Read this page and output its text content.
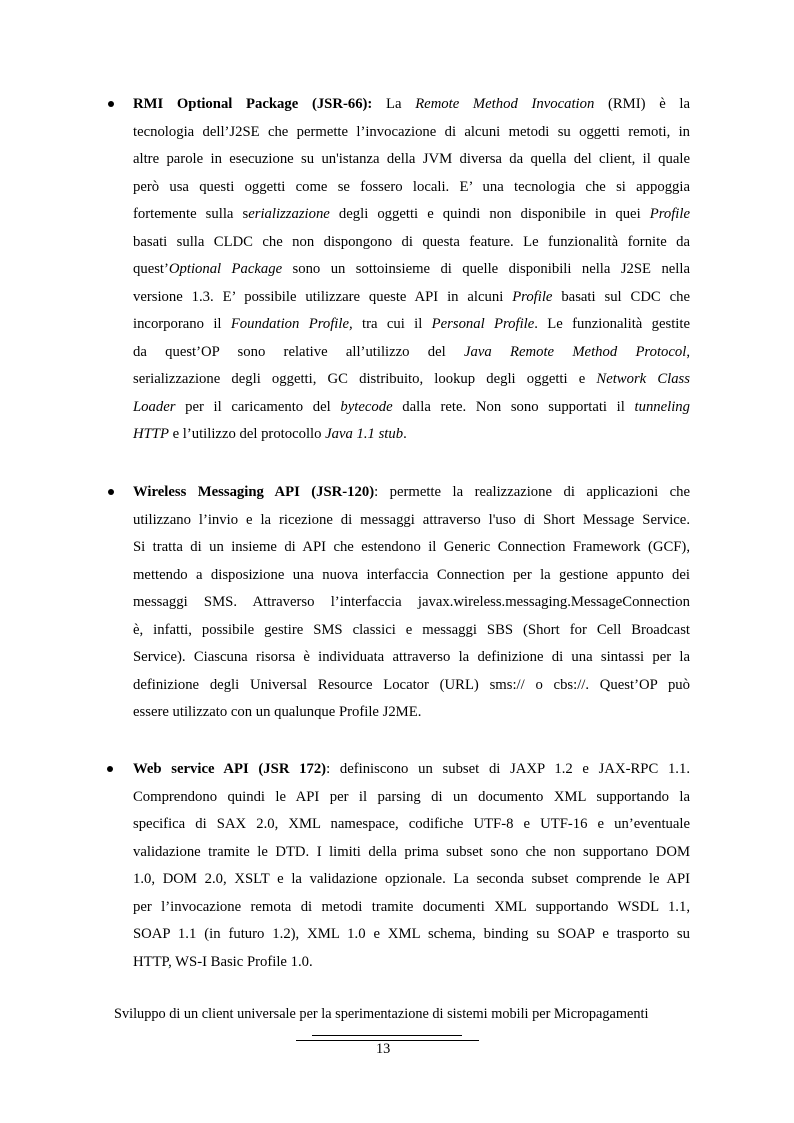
RMI Optional Package (JSR-66): La Remote Method Invocation (RMI) è la
tecnologia dell’J2SE che permette l’invocazione di alcuni metodi su oggetti remoti, in
altre parole in esecuzione su un'istanza della JVM diversa da quella del client, il quale
però usa questi oggetti come se fossero locali. E’ una tecnologia che si appoggia
fortemente sulla serializzazione degli oggetti e quindi non disponibile in quei Profile
basati sulla CLDC che non dispongono di questa feature. Le funzionalità fornite da
quest’Optional Package sono un sottoinsieme di quelle disponibili nella J2SE nella
versione 1.3. E’ possibile utilizzare queste API in alcuni Profile basati sul CDC che
incorporano il Foundation Profile, tra cui il Personal Profile. Le funzionalità gestite
da quest’OP sono relative all’utilizzo del Java Remote Method Protocol,
serializzazione degli oggetti, GC distribuito, lookup degli oggetti e Network Class
Loader per il caricamento del bytecode dalla rete. Non sono supportati il tunneling
HTTP e l’utilizzo del protocollo Java 1.1 stub.
Wireless Messaging API (JSR-120): permette la realizzazione di applicazioni che
utilizzano l’invio e la ricezione di messaggi attraverso l'uso di Short Message Service.
Si tratta di un insieme di API che estendono il Generic Connection Framework (GCF),
mettendo a disposizione una nuova interfaccia Connection per la gestione appunto dei
messaggi SMS. Attraverso l’interfaccia javax.wireless.messaging.MessageConnection
è, infatti, possibile gestire SMS classici e messaggi SBS (Short for Cell Broadcast
Service). Ciascuna risorsa è individuata attraverso la definizione di una sintassi per la
definizione degli Universal Resource Locator (URL) sms:// o cbs://. Quest’OP può
essere utilizzato con un qualunque Profile J2ME.
Web service API (JSR 172): definiscono un subset di JAXP 1.2 e JAX-RPC 1.1.
Comprendono quindi le API per il parsing di un documento XML supportando la
specifica di SAX 2.0, XML namespace, codifiche UTF-8 e UTF-16 e un’eventuale
validazione tramite le DTD. I limiti della prima subset sono che non supportano DOM
1.0, DOM 2.0, XSLT e la validazione opzionale. La seconda subset comprende le API
per l’invocazione remota di metodi tramite documenti XML supportando WSDL 1.1,
SOAP 1.1 (in futuro 1.2), XML 1.0 e XML schema, binding su SOAP e trasporto su
HTTP, WS-I Basic Profile 1.0.
Sviluppo di un client universale per la sperimentazione di sistemi mobili per Micropagamenti
13
